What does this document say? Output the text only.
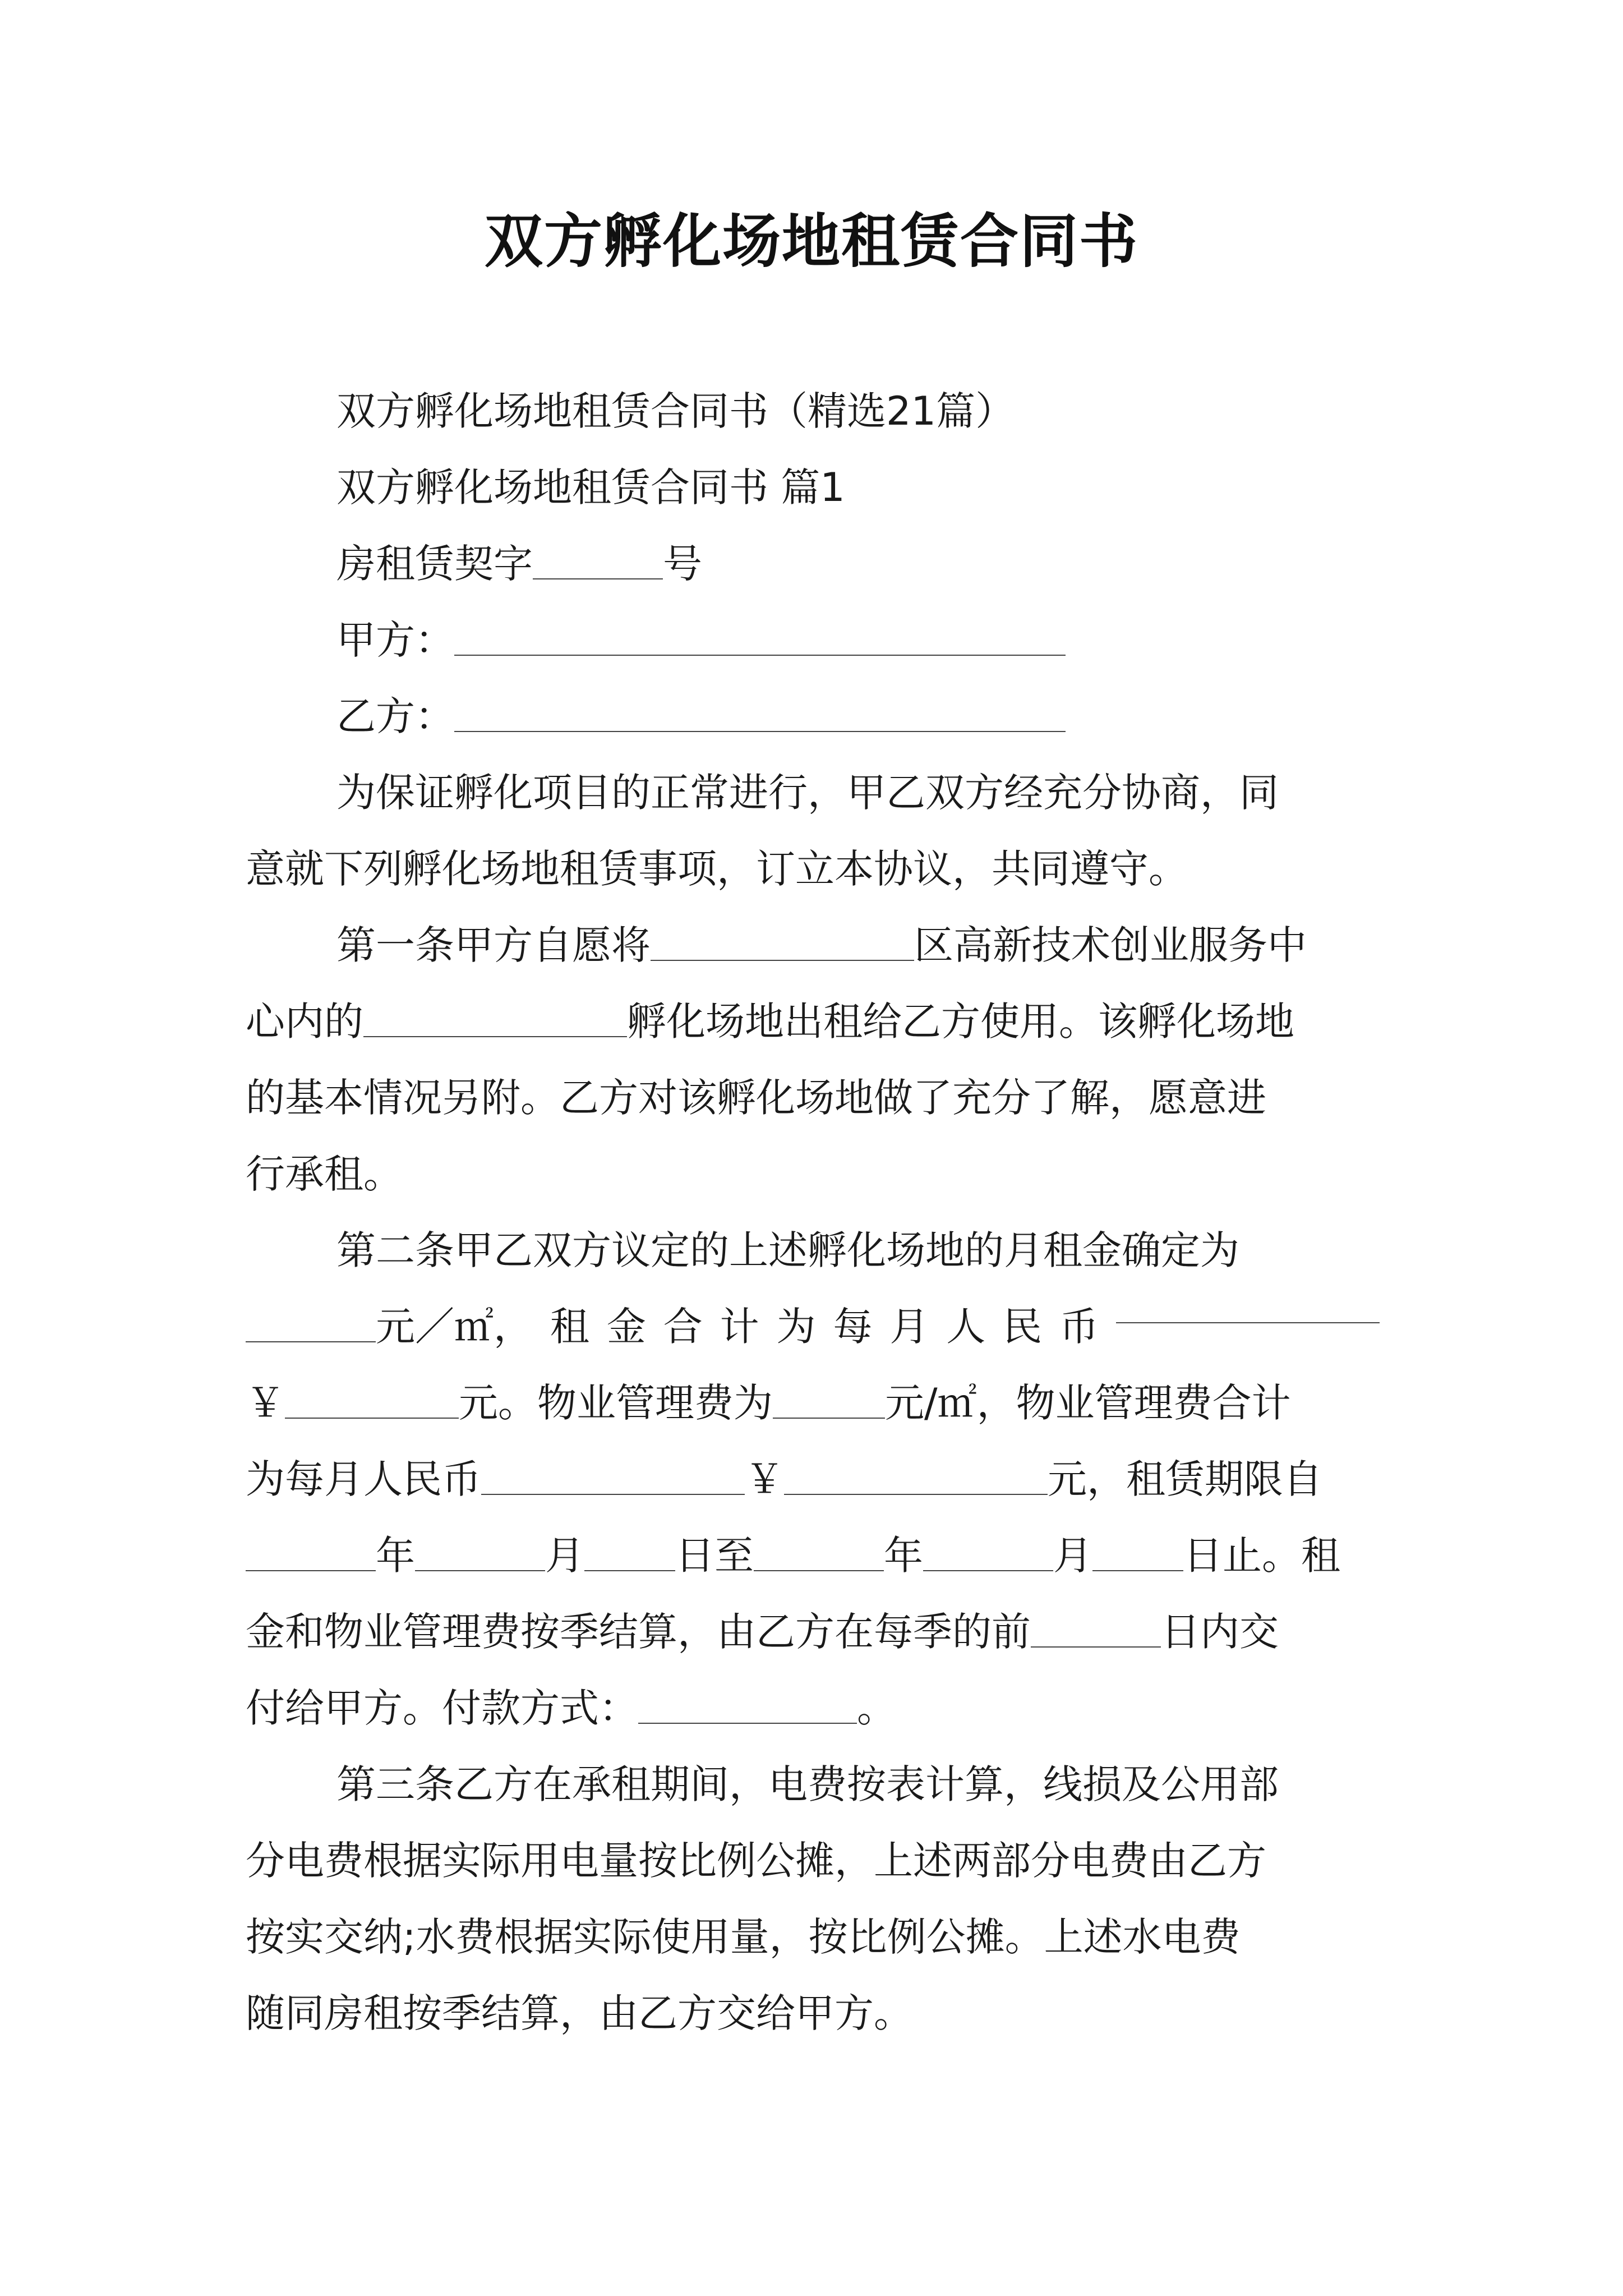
双方孵化场地租赁合同书
双方孵化场地租赁合同书（精选21篇）
双方孵化场地租赁合同书 篇1
房租赁契字	号
甲方：
乙方：
为保证孵化项目的正常进行，甲乙双方经充分协商，同
意就下列孵化场地租赁事项，订立本协议，共同遵守。
第一条甲方自愿将	区高新技术创业服务中
心内的	孵化场地出租给乙方使用。该孵化场地
的基本情况另附。乙方对该孵化场地做了充分了解，愿意进
行承租。
第二条甲乙双方议定的上述孵化场地的月租金确定为
元／㎡， 租 金 合 计 为 每 月 人 民 币
￥	元。物业管理费为	元/㎡，物业管理费合计
为每月人民币	￥	元，租赁期限自
年	月 日至	年	月 日止。租
金和物业管理费按季结算，由乙方在每季的前	日内交
付给甲方。付款方式：	。
第三条乙方在承租期间，电费按表计算，线损及公用部
分电费根据实际用电量按比例公摊，上述两部分电费由乙方
按实交纳;水费根据实际使用量，按比例公摊。上述水电费
随同房租按季结算，由乙方交给甲方。
